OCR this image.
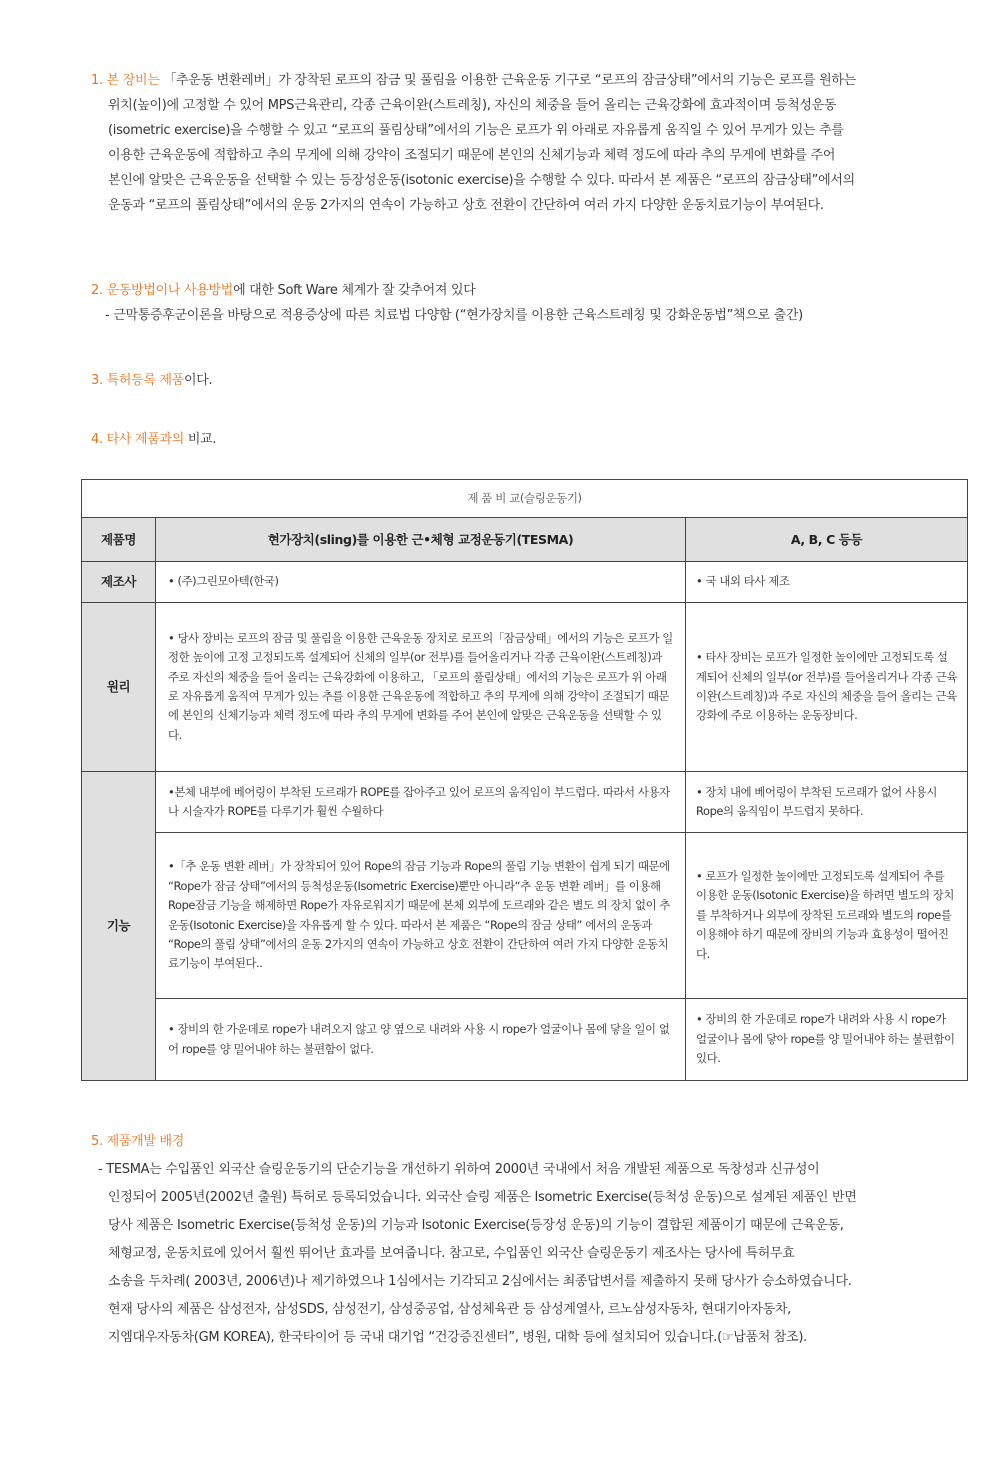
1. 본 장비는 「추운동 변환레버」가 장착된 로프의 잠금 및 풀림을 이용한 근육운동 기구로 “로프의 잠금상태”에서의 기능은 로프를 원하는

위치(높이)에 고정할 수 있어 MPS근육관리, 각종 근육이완(스트레칭), 자신의 체중을 들어 올리는 근육강화에 효과적이며 등척성운동

(isometric exercise)을 수행할 수 있고 “로프의 풀림상태”에서의 기능은 로프가 위 아래로 자유롭게 움직일 수 있어 무게가 있는 추를

이용한 근육운동에 적합하고 추의 무게에 의해 강약이 조절되기 때문에 본인의 신체기능과 체력 정도에 따라 추의 무게에 변화를 주어

본인에 알맞은 근육운동을 선택할 수 있는 등장성운동(isotonic exercise)을 수행할 수 있다. 따라서 본 제품은 “로프의 잠금상태”에서의

운동과 “로프의 풀림상태”에서의 운동 2가지의 연속이 가능하고 상호 전환이 간단하여 여러 가지 다양한 운동치료기능이 부여된다.

2. 운동방법이나 사용방법에 대한 Soft Ware 체계가 잘 갖추어져 있다

- 근막통증후군이론을 바탕으로 적용증상에 따른 치료법 다양함 (“현가장치를 이용한 근육스트레칭 및 강화운동법”책으로 출간)

3. 특허등록 제품이다.

4. 타사 제품과의 비교.

제 품 비 교(슬링운동기)		
제품명	현가장치(sling)를 이용한 근•체형 교정운동기(TESMA)	A, B, C 등등
제조사	• (주)그린모아텍(한국)	• 국 내외 타사 제조
원리	• 당사 장비는 로프의 잠금 및 풀림을 이용한 근육운동 장치로 로프의「잠금상태」에서의 기능은 로프가 일정한 높이에 고정 고정되도록 설계되어 신체의 일부(or 전부)를 들어올리거나 각종 근육이완(스트레칭)과 주로 자신의 체중을 들어 올리는 근육강화에 이용하고, 「로프의 풀림상태」에서의 기능은 로프가 위 아래로 자유롭게 움직여 무게가 있는 추를 이용한 근육운동에 적합하고 추의 무게에 의해 강약이 조절되기 때문에 본인의 신체기능과 체력 정도에 따라 추의 무게에 변화를 주어 본인에 알맞은 근육운동을 선택할 수 있다.	• 타사 장비는 로프가 일정한 높이에만 고정되도록 설계되어 신체의 일부(or 전부)를 들어올리거나 각종 근육이완(스트레칭)과 주로 자신의 체중을 들어 올리는 근육강화에 주로 이용하는 운동장비다.
기능	•본체 내부에 베어링이 부착된 도르래가 ROPE를 잡아주고 있어 로프의 움직임이 부드럽다. 따라서 사용자나 시술자가 ROPE를 다루기가 훨씬 수월하다	• 장치 내에 베어링이 부착된 도르래가 없어 사용시 Rope의 움직임이 부드럽지 못하다.
	•「추 운동 변환 레버」가 장착되어 있어 Rope의 잠금 기능과 Rope의 풀림 기능 변환이 쉽게 되기 때문에 “Rope가 잠금 상태”에서의 등척성운동(Isometric Exercise)뿐만 아니라“추 운동 변환 레버」를 이용해 Rope잠금 기능을 해제하면 Rope가 자유로워지기 때문에 본체 외부에 도르래와 같은 별도 의 장치 없이 추 운동(Isotonic Exercise)을 자유롭게 할 수 있다. 따라서 본 제품은 “Rope의 잠금 상태” 에서의 운동과 “Rope의 풀림 상태”에서의 운동 2가지의 연속이 가능하고 상호 전환이 간단하여 여러 가지 다양한 운동치료기능이 부여된다..	• 로프가 일정한 높이에만 고정되도록 설계되어 추를 이용한 운동(Isotonic Exercise)을 하려면 별도의 장치를 부착하거나 외부에 장착된 도르래와 별도의 rope를 이용해야 하기 때문에 장비의 기능과 효용성이 떨어진다.
	• 장비의 한 가운데로 rope가 내려오지 않고 양 옆으로 내려와 사용 시 rope가 얼굴이나 몸에 닿을 일이 없어 rope를 양 밀어내야 하는 불편함이 없다.	• 장비의 한 가운데로 rope가 내려와 사용 시 rope가 얼굴이나 몸에 닿아 rope를 양 밀어내야 하는 불편함이 있다.

5. 제품개발 배경

- TESMA는 수입품인 외국산 슬링운동기의 단순기능을 개선하기 위하여 2000년 국내에서 처음 개발된 제품으로 독창성과 신규성이

인정되어 2005년(2002년 출원) 특허로 등록되었습니다. 외국산 슬링 제품은 Isometric Exercise(등척성 운동)으로 설계된 제품인 반면

당사 제품은 Isometric Exercise(등척성 운동)의 기능과 Isotonic Exercise(등장성 운동)의 기능이 결합된 제품이기 때문에 근육운동,

체형교정, 운동치료에 있어서 훨씬 뛰어난 효과를 보여줍니다. 참고로, 수입품인 외국산 슬링운동기 제조사는 당사에 특허무효

소송을 두차례( 2003년, 2006년)나 제기하였으나 1심에서는 기각되고 2심에서는 최종답변서를 제출하지 못해 당사가 승소하였습니다.

현재 당사의 제품은 삼성전자, 삼성SDS, 삼성전기, 삼성중공업, 삼성체육관 등 삼성계열사, 르노삼성자동차, 현대기아자동차,

지엠대우자동차(GM KOREA), 한국타이어 등 국내 대기업 “건강증진센터”, 병원, 대학 등에 설치되어 있습니다.(☞납품처 참조).
